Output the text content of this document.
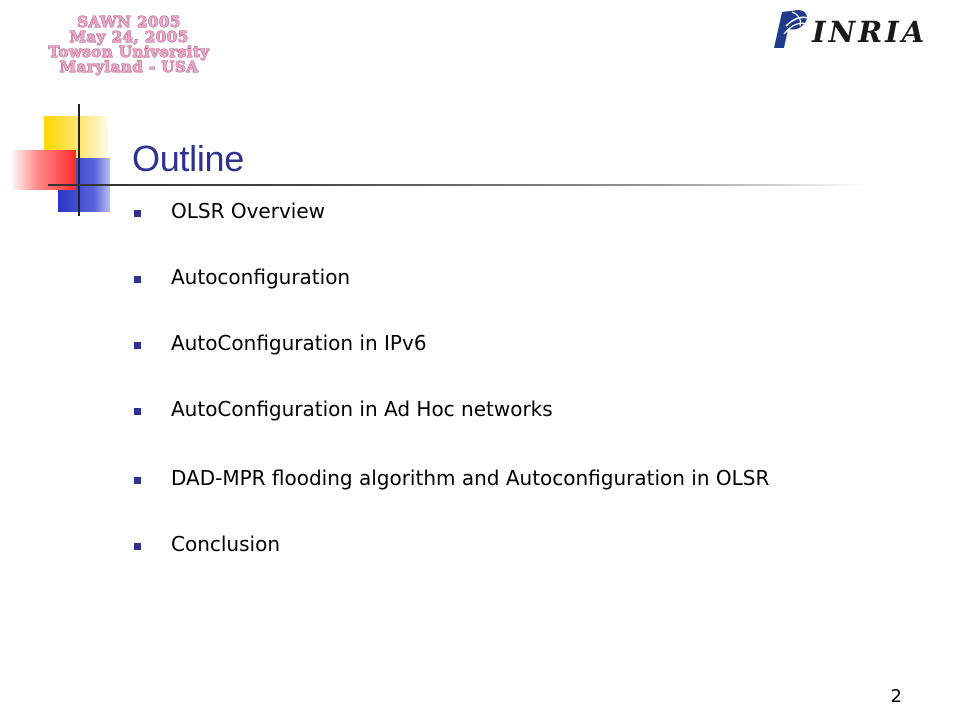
SAWN 2005
May 24, 2005
Towson University
Maryland - USA
INRIA
Outline
OLSR Overview
Autoconfiguration
AutoConfiguration in IPv6
AutoConfiguration in Ad Hoc networks
DAD-MPR flooding algorithm and Autoconfiguration in OLSR
Conclusion
2
